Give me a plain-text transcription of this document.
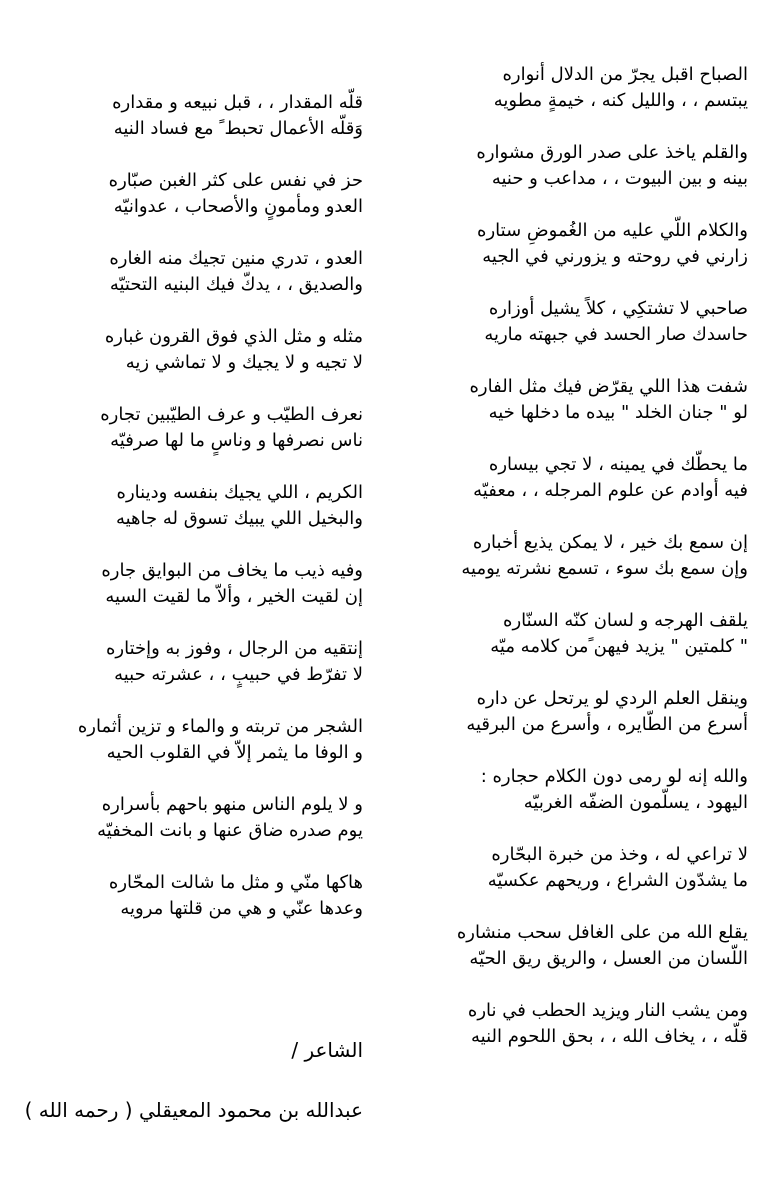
الصباح اقبل يجرّ من الدلال أنواره
يبتسم ، ، والليل كنه ، خيمةٍ مطويه
والقلم ياخذ على صدر الورق مشواره
بينه و بين البيوت ، ، مداعب و حنيه
والكلام اللّي عليه من الغُموضِ ستاره
زارني في روحته و يزورني في الجيه
صاحبي لا تشتكِي ، كلاً يشيل أوزاره
حاسدك صار الحسد في جبهته ماريه
شفت هذا اللي يقرّض فيك مثل الفاره
لو " جنان الخلد " بيده ما دخلها خيه
ما يحطّك في يمينه ، لا تجي بيساره
فيه أوادم عن علوم المرجله ، ، معفيّه
إن سمع بك خير ، لا يمكن يذيع أخباره
وإن سمع بك سوء ، تسمع نشرته يوميه
يلقف الهرجه و لسان كنّه السنّاره
" كلمتين " يزيد فيهن ًمن كلامه ميّه
وينقل العلم الردي لو يرتحل عن داره
أسرع من الطّايره ، وأسرع من البرقيه
والله إنه لو رمى دون الكلام حجاره :
اليهود ، يسلّمون الضفّه الغربيّه
لا تراعي له ، وخذ من خبرة البحّاره
ما يشدّون الشراع ، وريحهم عكسيّه
يقلع الله من على الغافل سحب منشاره
اللّسان من العسل ، والريق ريق الحيّه
ومن يشب النار ويزيد الحطب في ناره
قلّه ، ، يخاف الله ، ، بحق اللحوم النيه
قلّه المقدار ، ، قبل نبيعه و مقداره
وَقلّه الأعمال تحبط ً مع فساد النيه
حز في نفس على كثر الغبن صبّاره
العدو ومأمونٍ والأصحاب ، عدوانيّه
العدو ، تدري منين تجيك منه الغاره
والصديق ، ، يدكّ فيك البنيه التحتيّه
مثله و مثل الذي فوق القرون غباره
لا تجيه و لا يجيك و لا تماشي زيه
نعرف الطيّب و عرف الطيّبين تجاره
ناس نصرفها و وناسٍ ما لها صرفيّه
الكريم ، اللي يجيك بنفسه وديناره
والبخيل اللي يبيك تسوق له جاهيه
وفيه ذيب ما يخاف من البوايق جاره
إن لقيت الخير ، وألاّ ما لقيت السيه
إنتقيه من الرجال ، وفوز به وإختاره
لا تفرّط في حبيبٍ ، ، عشرته حبيه
الشجر من تربته و والماء و تزين أثماره
و الوفا ما يثمر إلاّ في القلوب الحيه
و لا يلوم الناس منهو باحهم بأسراره
يوم صدره ضاق عنها و بانت المخفيّه
هاكها منّي و مثل ما شالت المحّاره
وعدها عنّي و هي من قلتها مرويه
الشاعر /
عبدالله بن محمود المعيقلي ( رحمه الله )
